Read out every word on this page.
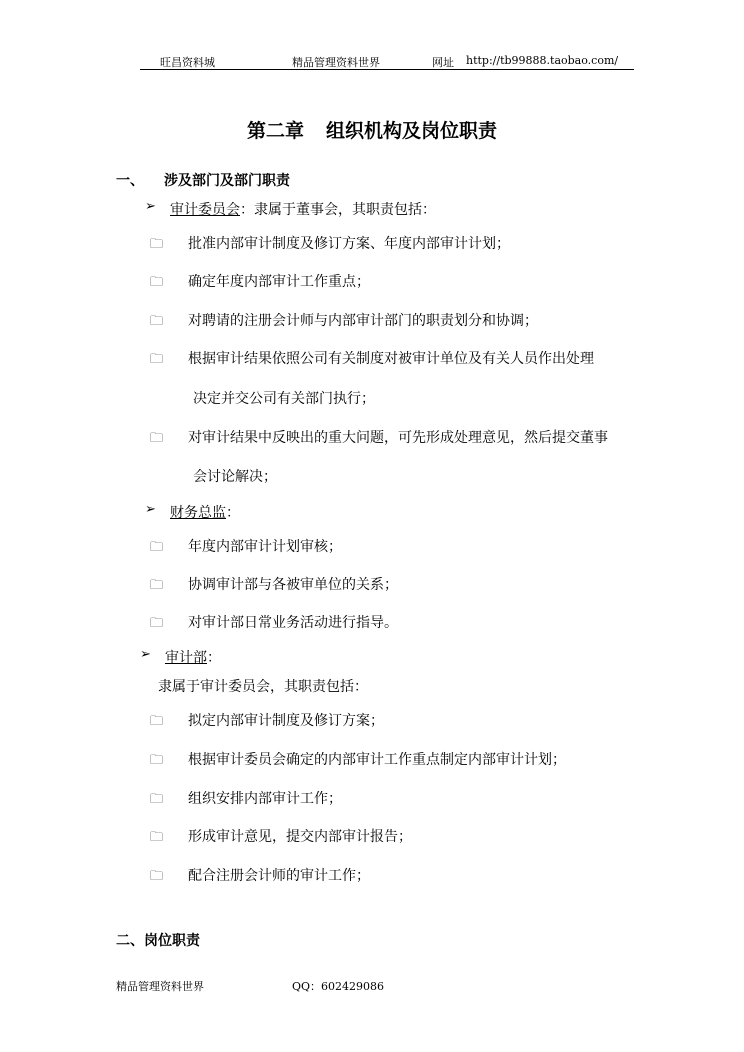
旺昌资料城	精品管理资料世界	网址 http://tb99888.taobao.com/
第二章 组织机构及岗位职责
一、 涉及部门及部门职责
➢ 审计委员会：隶属于董事会，其职责包括：
🗀 批准内部审计制度及修订方案、年度内部审计计划；
🗀 确定年度内部审计工作重点；
🗀 对聘请的注册会计师与内部审计部门的职责划分和协调；
🗀 根据审计结果依照公司有关制度对被审计单位及有关人员作出处理
决定并交公司有关部门执行；
🗀 对审计结果中反映出的重大问题，可先形成处理意见，然后提交董事
会讨论解决；
➢ 财务总监：
🗀 年度内部审计计划审核；
🗀 协调审计部与各被审单位的关系；
🗀 对审计部日常业务活动进行指导。
➢ 审计部：
隶属于审计委员会，其职责包括：
🗀 拟定内部审计制度及修订方案；
🗀 根据审计委员会确定的内部审计工作重点制定内部审计计划；
🗀 组织安排内部审计工作；
🗀 形成审计意见，提交内部审计报告；
🗀 配合注册会计师的审计工作；
二、岗位职责
精品管理资料世界	QQ：602429086
